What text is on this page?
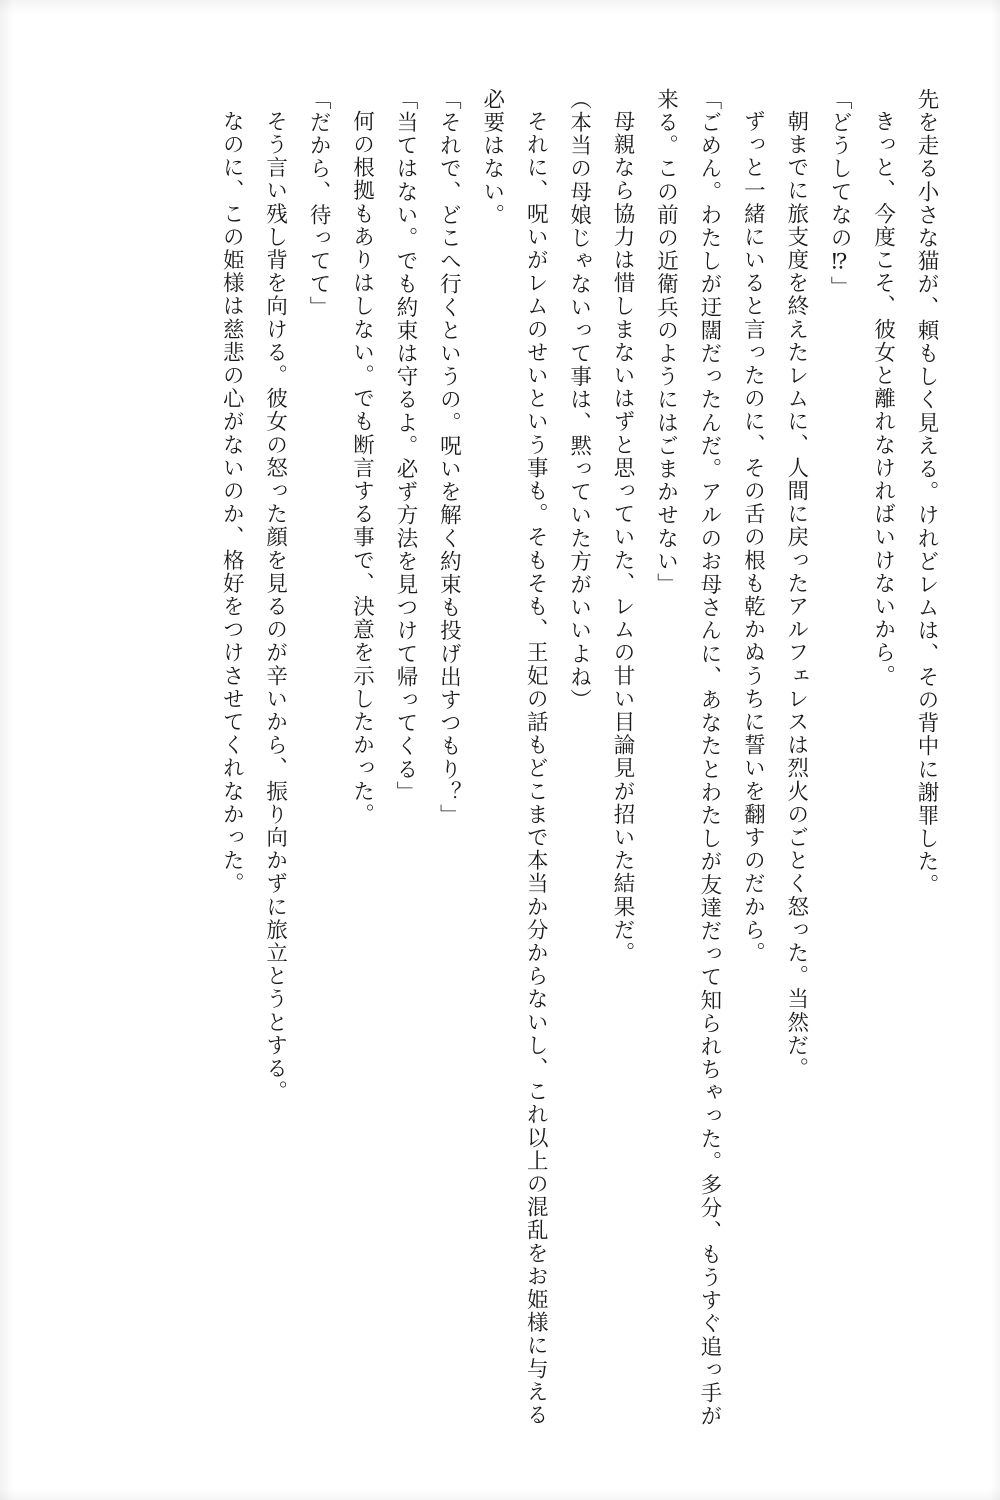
先を走る小さな猫が、頼もしく見える。けれどレムは、その背中に謝罪した。

きっと、今度こそ、彼女と離れなければいけないから。

「どうしてなの⁉」

朝までに旅支度を終えたレムに、人間に戻ったアルフェレスは烈火のごとく怒った。当然だ。

ずっと一緒にいると言ったのに、その舌の根も乾かぬうちに誓いを翻すのだから。

「ごめん。わたしが迂闊だったんだ。アルのお母さんに、あなたとわたしが友達だって知られちゃった。多分、もうすぐ追っ手が来る。この前の近衛兵のようにはごまかせない」

母親なら協力は惜しまないはずと思っていた、レムの甘い目論見が招いた結果だ。

（本当の母娘じゃないって事は、黙っていた方がいいよね）

それに、呪いがレムのせいという事も。そもそも、王妃の話もどこまで本当か分からないし、これ以上の混乱をお姫様に与える必要はない。

「それで、どこへ行くというの。呪いを解く約束も投げ出すつもり？」

「当てはない。でも約束は守るよ。必ず方法を見つけて帰ってくる」

何の根拠もありはしない。でも断言する事で、決意を示したかった。

「だから、待ってて」

そう言い残し背を向ける。彼女の怒った顔を見るのが辛いから、振り向かずに旅立とうとする。

なのに、この姫様は慈悲の心がないのか、格好をつけさせてくれなかった。
